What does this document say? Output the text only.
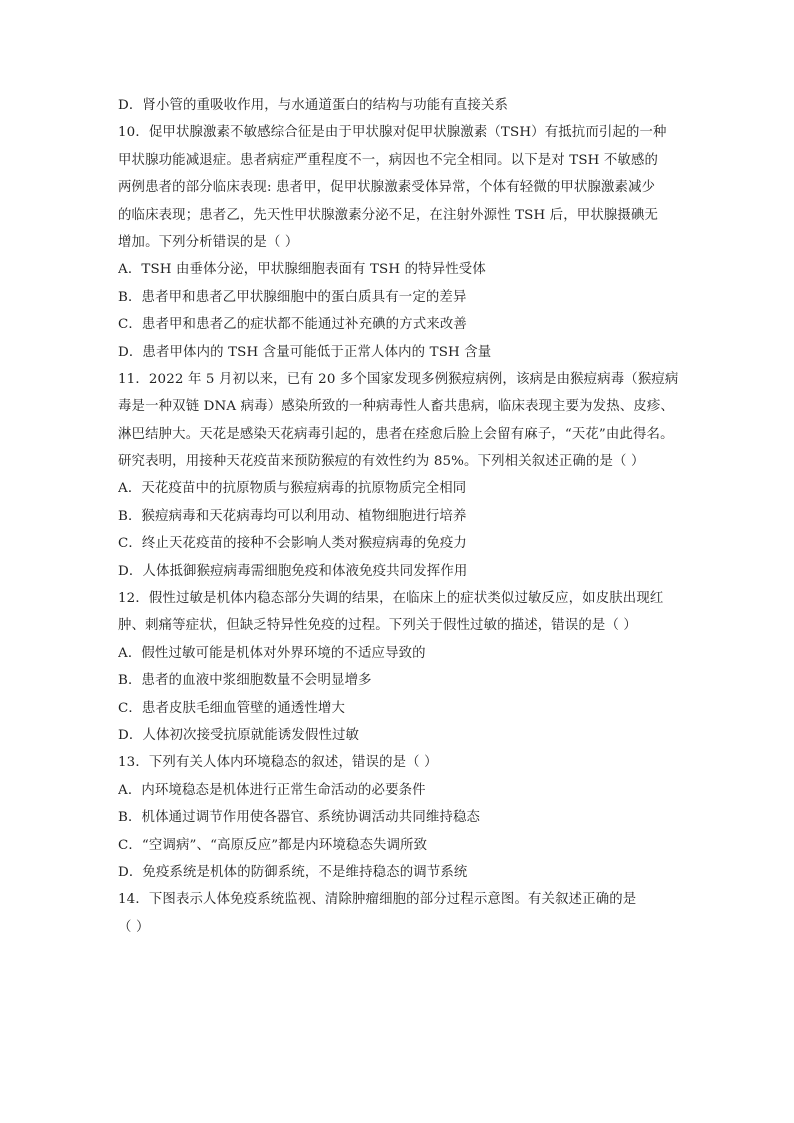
D．肾小管的重吸收作用，与水通道蛋白的结构与功能有直接关系
10．促甲状腺激素不敏感综合征是由于甲状腺对促甲状腺激素（TSH）有抵抗而引起的一种
甲状腺功能减退症。患者病症严重程度不一，病因也不完全相同。以下是对 TSH 不敏感的
两例患者的部分临床表现: 患者甲，促甲状腺激素受体异常，个体有轻微的甲状腺激素减少
的临床表现；患者乙，先天性甲状腺激素分泌不足，在注射外源性 TSH 后，甲状腺摄碘无
增加。下列分析错误的是（ ）
A．TSH 由垂体分泌，甲状腺细胞表面有 TSH 的特异性受体
B．患者甲和患者乙甲状腺细胞中的蛋白质具有一定的差异
C．患者甲和患者乙的症状都不能通过补充碘的方式来改善
D．患者甲体内的 TSH 含量可能低于正常人体内的 TSH 含量
11．2022 年 5 月初以来，已有 20 多个国家发现多例猴痘病例，该病是由猴痘病毒（猴痘病
毒是一种双链 DNA 病毒）感染所致的一种病毒性人畜共患病，临床表现主要为发热、皮疹、
淋巴结肿大。天花是感染天花病毒引起的，患者在痊愈后脸上会留有麻子，“天花”由此得名。
研究表明，用接种天花疫苗来预防猴痘的有效性约为 85%。下列相关叙述正确的是（ ）
A．天花疫苗中的抗原物质与猴痘病毒的抗原物质完全相同
B．猴痘病毒和天花病毒均可以利用动、植物细胞进行培养
C．终止天花疫苗的接种不会影响人类对猴痘病毒的免疫力
D．人体抵御猴痘病毒需细胞免疫和体液免疫共同发挥作用
12．假性过敏是机体内稳态部分失调的结果，在临床上的症状类似过敏反应，如皮肤出现红
肿、刺痛等症状，但缺乏特异性免疫的过程。下列关于假性过敏的描述，错误的是（ ）
A．假性过敏可能是机体对外界环境的不适应导致的
B．患者的血液中浆细胞数量不会明显增多
C．患者皮肤毛细血管壁的通透性增大
D．人体初次接受抗原就能诱发假性过敏
13．下列有关人体内环境稳态的叙述，错误的是（ ）
A．内环境稳态是机体进行正常生命活动的必要条件
B．机体通过调节作用使各器官、系统协调活动共同维持稳态
C．“空调病”、“高原反应”都是内环境稳态失调所致
D．免疫系统是机体的防御系统，不是维持稳态的调节系统
14．下图表示人体免疫系统监视、清除肿瘤细胞的部分过程示意图。有关叙述正确的是
（ ）
